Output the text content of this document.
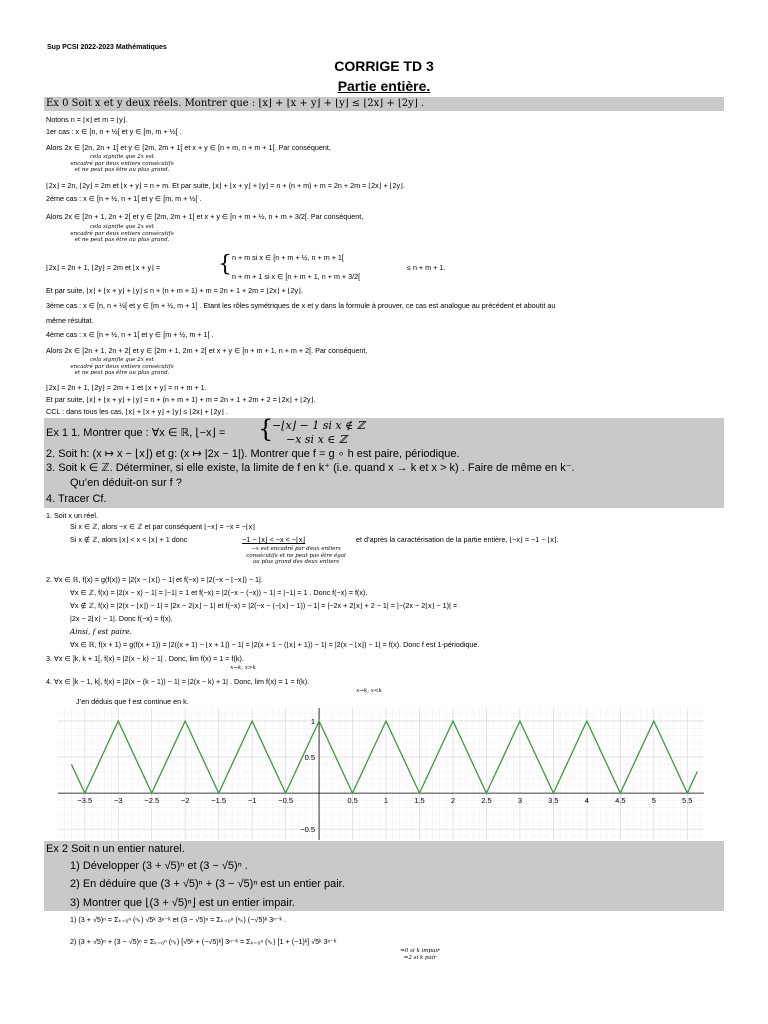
Sup PCSI 2022-2023 Mathématiques
CORRIGE TD 3
Partie entière.
Ex 0 Soit x et y deux réels. Montrer que : ⌊x⌋ + ⌊x + y⌋ + ⌊y⌋ ≤ ⌊2x⌋ + ⌊2y⌋ .
Notons n = ⌊x⌋ et m = ⌊y⌋.
1er cas : x ∈ [n, n + ½[ et y ∈ [m, m + ½[ .
Alors 2x ∈ [2n, 2n + 1[ et y ∈ [2m, 2m + 1[ et x + y ∈ [n + m, n + m + 1[. Par conséquent,
cela signifie que 2x est
encadré par deux entiers consécutifs
et ne peut pas être au plus grand.
⌊2x⌋ = 2n, ⌊2y⌋ = 2m et ⌊x + y⌋ = n + m. Et par suite, ⌊x⌋ + ⌊x + y⌋ + ⌊y⌋ = n + (n + m) + m = 2n + 2m = ⌊2x⌋ + ⌊2y⌋.
2ème cas : x ∈ [n + ½, n + 1[ et y ∈ [m, m + ½[ .
Alors 2x ∈ [2n + 1, 2n + 2[ et y ∈ [2m, 2m + 1[ et x + y ∈ [n + m + ½, n + m + 3/2[. Par conséquent,
cela signifie que 2x est
encadré par deux entiers consécutifs
et ne peut pas être au plus grand.
⌊2x⌋ = 2n + 1, ⌊2y⌋ = 2m et ⌊x + y⌋ =	{ n + m si x ∈ [n + m + ½, n + m + 1[
n + m + 1 si x ∈ [n + m + 1, n + m + 3/2[
≤ n + m + 1.
Et par suite, ⌊x⌋ + ⌊x + y⌋ + ⌊y⌋ ≤ n + (n + m + 1) + m = 2n + 1 + 2m = ⌊2x⌋ + ⌊2y⌋.
3ème cas : x ∈ [n, n + ½[ et y ∈ [m + ½, m + 1[ . Etant les rôles symétriques de x et y dans la formule à prouver, ce cas est analogue au précédent et aboutit au
même résultat.
4ème cas : x ∈ [n + ½, n + 1[ et y ∈ [m + ½, m + 1[ .
Alors 2x ∈ [2n + 1, 2n + 2[ et y ∈ [2m + 1, 2m + 2[ et x + y ∈ [n + m + 1, n + m + 2[. Par conséquent,
cela signifie que 2x est
encadré par deux entiers consécutifs
et ne peut pas être au plus grand.
⌊2x⌋ = 2n + 1, ⌊2y⌋ = 2m + 1 et ⌊x + y⌋ = n + m + 1.
Et par suite, ⌊x⌋ + ⌊x + y⌋ + ⌊y⌋ = n + (n + m + 1) + m = 2n + 1 + 2m + 2 = ⌊2x⌋ + ⌊2y⌋.
CCL : dans tous les cas, ⌊x⌋ + ⌊x + y⌋ + ⌊y⌋ ≤ ⌊2x⌋ + ⌊2y⌋ .
Ex 1 1. Montrer que : ∀x ∈ ℝ, ⌊−x⌋ = {
−⌊x⌋ − 1 si x ∉ ℤ
−x si x ∈ ℤ
2. Soit h: (x ↦ x − ⌊x⌋) et g: (x ↦ |2x − 1|). Montrer que f = g ∘ h est paire, périodique.
3. Soit k ∈ ℤ. Déterminer, si elle existe, la limite de f en k⁺ (i.e. quand x → k et x > k) . Faire de même en k⁻.
Qu’en déduit-on sur f ?
4. Tracer Cf.
1. Soit x un réel.
Si x ∈ ℤ, alors −x ∈ ℤ et par conséquent ⌊−x⌋ = −x = −⌊x⌋
Si x ∉ ℤ, alors ⌊x⌋ < x < ⌊x⌋ + 1 donc	−1 − ⌊x⌋ < −x < −⌊x⌋	et d’après la caractérisation de la partie entière, ⌊−x⌋ = −1 − ⌊x⌋.
−x est encadré par deux entiers
consécutifs et ne peut pas être égal
au plus grand des deux entiers
2. ∀x ∈ ℝ, f(x) = g(f(x)) = |2(x − ⌊x⌋) − 1| et f(−x) = |2(−x − ⌊−x⌋) − 1|.
∀x ∈ ℤ, f(x) = |2(x − x) − 1| = |−1| = 1 et f(−x) = |2(−x − (−x)) − 1| = |−1| = 1 . Donc f(−x) = f(x).
∀x ∉ ℤ, f(x) = |2(x − ⌊x⌋) − 1| = |2x − 2⌊x⌋ − 1| et f(−x) = |2(−x − (−⌊x⌋ − 1)) − 1| = |−2x + 2⌊x⌋ + 2 − 1| = |−(2x − 2⌊x⌋ − 1)| =
|2x − 2⌊x⌋ − 1|. Donc f(−x) = f(x).
Ainsi, f est paire.
∀x ∈ ℝ, f(x + 1) = g(f(x + 1)) = |2((x + 1) − ⌊x + 1⌋) − 1| = |2(x + 1 − (⌊x⌋ + 1)) − 1| = |2(x − ⌊x⌋) − 1| = f(x). Donc f est 1-périodique.
3. ∀x ∈ ]k, k + 1[, f(x) = |2(x − k) − 1| . Donc, lim f(x) = 1 = f(k).
x→k, x>k
4. ∀x ∈ ]k − 1, k[, f(x) = |2(x − (k − 1)) − 1| = |2(x − k) + 1| . Donc, lim f(x) = 1 = f(k).
x→k, x<k
J’en déduis que f est continue en k.
−3.5	−3	−2.5	−2	−1.5	−1	−0.5	0.5	1	1.5	2	2.5	3	3.5	4	4.5	5	5.5
1
0.5
−0.5
Ex 2 Soit n un entier naturel.
1) Développer (3 + √5)ⁿ et (3 − √5)ⁿ .
2) En déduire que (3 + √5)ⁿ + (3 − √5)ⁿ est un entier pair.
3) Montrer que ⌊(3 + √5)ⁿ⌋ est un entier impair.
1) (3 + √5)ⁿ = Σₖ₌₀ⁿ (ⁿₖ) √5ᵏ 3ⁿ⁻ᵏ et (3 − √5)ⁿ = Σₖ₌₀ⁿ (ⁿₖ) (−√5)ᵏ 3ⁿ⁻ᵏ .
2) (3 + √5)ⁿ + (3 − √5)ⁿ = Σₖ₌₀ⁿ (ⁿₖ) [√5ᵏ + (−√5)ᵏ] 3ⁿ⁻ᵏ = Σₖ₌₀ⁿ (ⁿₖ) [1 + (−1)ᵏ] √5ᵏ 3ⁿ⁻ᵏ
=0 si k impair
=2 si k pair
